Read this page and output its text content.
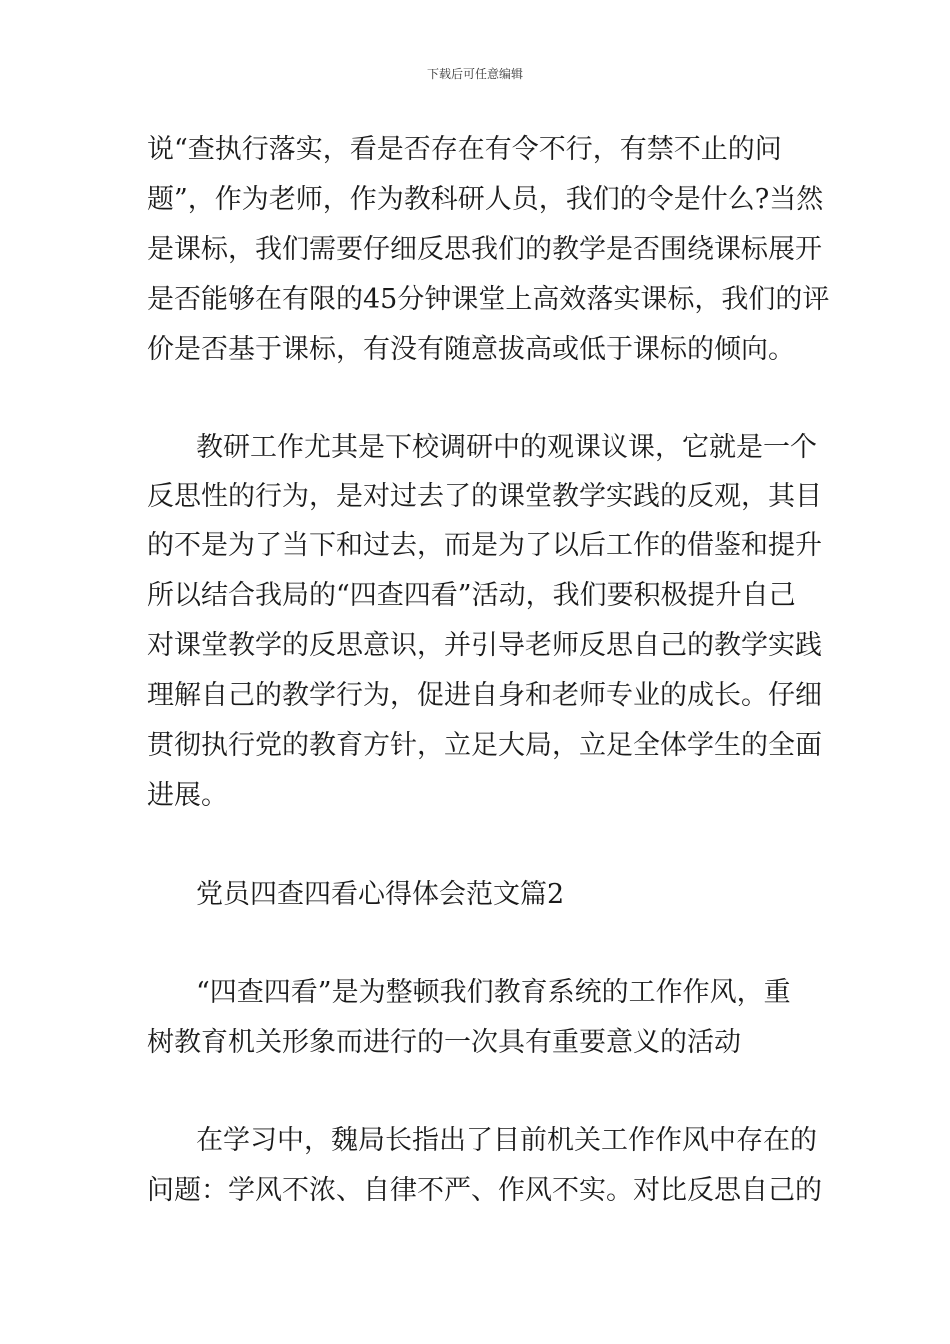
下载后可任意编辑
说“查执行落实，看是否存在有令不行，有禁不止的问
题”，作为老师，作为教科研人员，我们的令是什么?当然
是课标，我们需要仔细反思我们的教学是否围绕课标展开
是否能够在有限的45分钟课堂上高效落实课标，我们的评
价是否基于课标，有没有随意拔高或低于课标的倾向。
教研工作尤其是下校调研中的观课议课，它就是一个
反思性的行为，是对过去了的课堂教学实践的反观，其目
的不是为了当下和过去，而是为了以后工作的借鉴和提升
所以结合我局的“四查四看”活动，我们要积极提升自己
对课堂教学的反思意识，并引导老师反思自己的教学实践
理解自己的教学行为，促进自身和老师专业的成长。仔细
贯彻执行党的教育方针，立足大局，立足全体学生的全面
进展。
党员四查四看心得体会范文篇2
“四查四看”是为整顿我们教育系统的工作作风，重
树教育机关形象而进行的一次具有重要意义的活动
在学习中，魏局长指出了目前机关工作作风中存在的
问题：学风不浓、自律不严、作风不实。对比反思自己的
